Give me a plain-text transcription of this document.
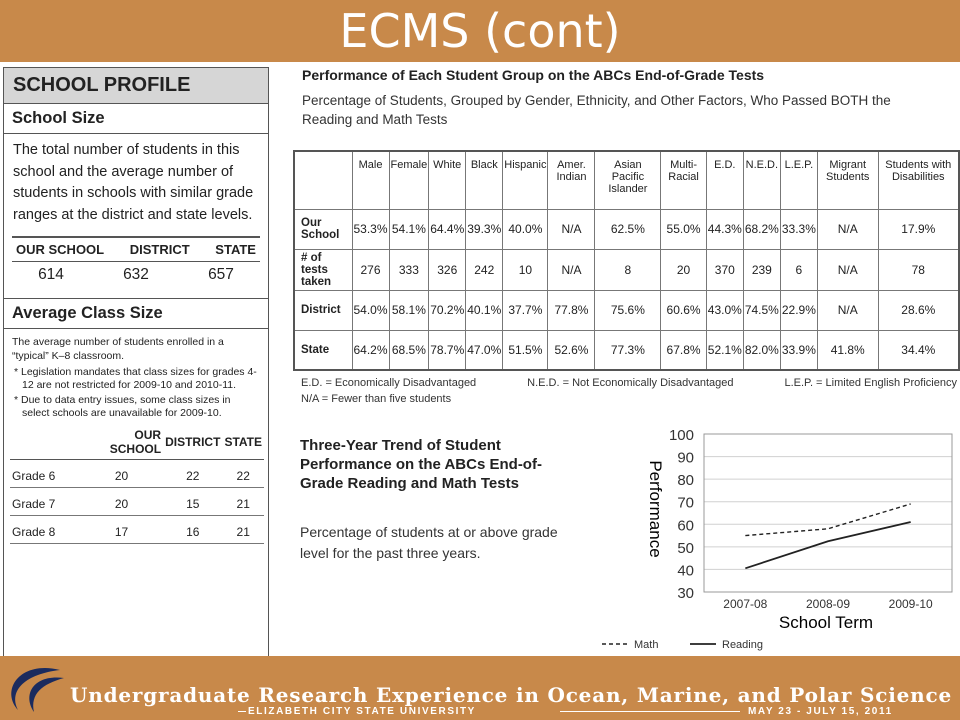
ECMS (cont)
SCHOOL PROFILE
School Size
The total number of students in this school and the average number of students in schools with similar grade ranges at the district and state levels.
OUR SCHOOL DISTRICT STATE
614	632	657
Average Class Size
The average number of students enrolled in a “typical” K–8 classroom.
* Legislation mandates that class sizes for grades 4-12 are not restricted for 2009-10 and 2010-11.
* Due to data entry issues, some class sizes in select schools are unavailable for 2009-10.
	OUR SCHOOL	DISTRICT	STATE
Grade 6	20	22	22
Grade 7	20	15	21
Grade 8	17	16	21
Performance of Each Student Group on the ABCs End-of-Grade Tests
Percentage of Students, Grouped by Gender, Ethnicity, and Other Factors, Who Passed BOTH the Reading and Math Tests
	Male	Female	White	Black	Hispanic	Amer. Indian	Asian Pacific Islander	Multi-Racial	E.D.	N.E.D.	L.E.P.	Migrant Students	Students with Disabilities
Our School	53.3%	54.1%	64.4%	39.3%	40.0%	N/A	62.5%	55.0%	44.3%	68.2%	33.3%	N/A	17.9%
# of tests taken	276	333	326	242	10	N/A	8	20	370	239	6	N/A	78
District	54.0%	58.1%	70.2%	40.1%	37.7%	77.8%	75.6%	60.6%	43.0%	74.5%	22.9%	N/A	28.6%
State	64.2%	68.5%	78.7%	47.0%	51.5%	52.6%	77.3%	67.8%	52.1%	82.0%	33.9%	41.8%	34.4%
E.D. = Economically Disadvantaged	N.E.D. = Not Economically Disadvantaged	L.E.P. = Limited English Proficiency
N/A = Fewer than five students
Three-Year Trend of Student Performance on the ABCs End-of-Grade Reading and Math Tests
Percentage of students at or above grade level for the past three years.
30
40
50
60
70
80
90
100
2007-08	2008-09	2009-10
Performance
School Term
Math	Reading
Undergraduate Research Experience in Ocean, Marine, and Polar Science
ELIZABETH CITY STATE UNIVERSITY	MAY 23 - JULY 15, 2011
